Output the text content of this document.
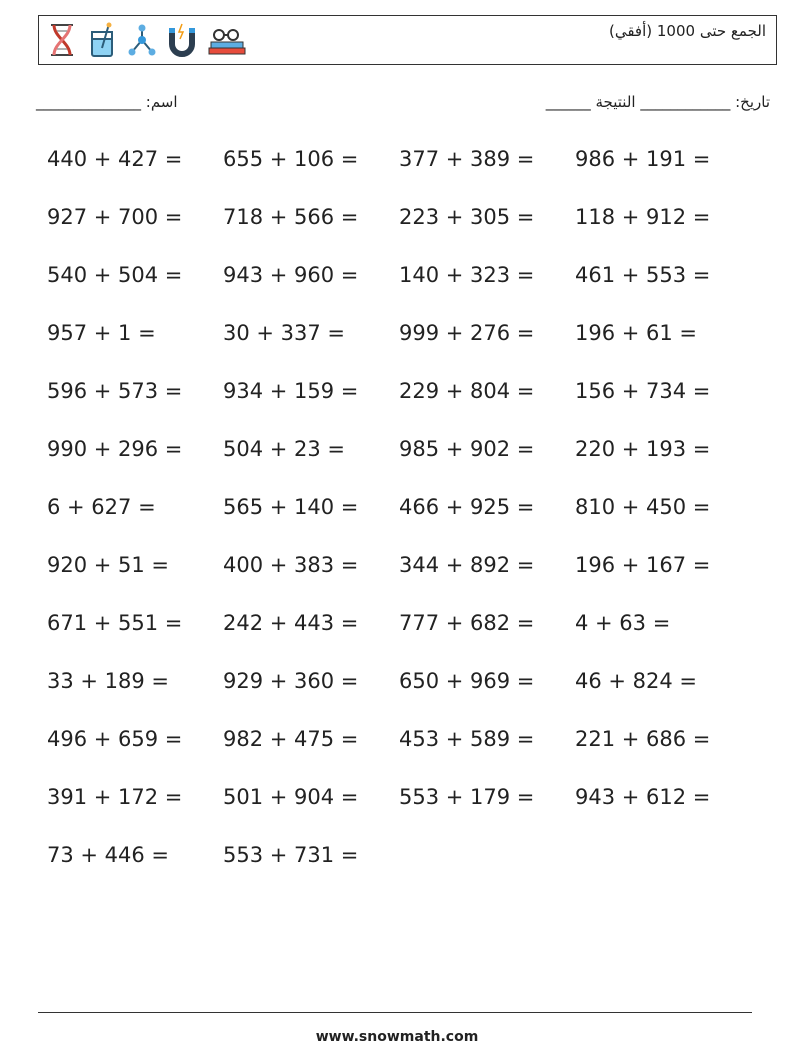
الجمع حتى 1000 (أفقي)
اسم: ______________	تاريخ: ____________ النتيجة ______
440 + 427 =	655 + 106 =	377 + 389 =	986 + 191 =
927 + 700 =	718 + 566 =	223 + 305 =	118 + 912 =
540 + 504 =	943 + 960 =	140 + 323 =	461 + 553 =
957 + 1 =	30 + 337 =	999 + 276 =	196 + 61 =
596 + 573 =	934 + 159 =	229 + 804 =	156 + 734 =
990 + 296 =	504 + 23 =	985 + 902 =	220 + 193 =
6 + 627 =	565 + 140 =	466 + 925 =	810 + 450 =
920 + 51 =	400 + 383 =	344 + 892 =	196 + 167 =
671 + 551 =	242 + 443 =	777 + 682 =	4 + 63 =
33 + 189 =	929 + 360 =	650 + 969 =	46 + 824 =
496 + 659 =	982 + 475 =	453 + 589 =	221 + 686 =
391 + 172 =	501 + 904 =	553 + 179 =	943 + 612 =
73 + 446 =	553 + 731 =
www.snowmath.com
